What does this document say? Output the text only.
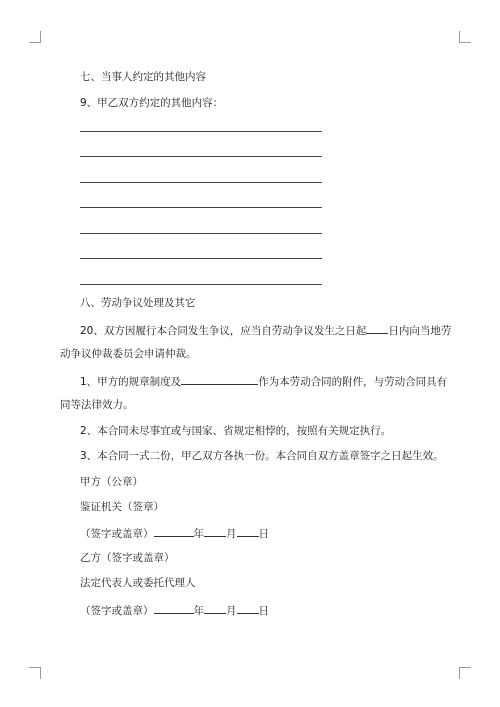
七、当事人约定的其他内容
9、甲乙双方约定的其他内容：
八、劳动争议处理及其它
20、双方因履行本合同发生争议，应当自劳动争议发生之日起 日内向当地劳
动争议仲裁委员会申请仲裁。
1、甲方的规章制度及	作为本劳动合同的附件，与劳动合同具有
同等法律效力。
2、本合同未尽事宜或与国家、省规定相悖的，按照有关规定执行。
3、本合同一式二份，甲乙双方各执一份。本合同自双方盖章签字之日起生效。
甲方（公章）
鉴证机关（签章）
（签字或盖章）	年 月 日
乙方（签字或盖章）
法定代表人或委托代理人
（签字或盖章）	年 月 日
